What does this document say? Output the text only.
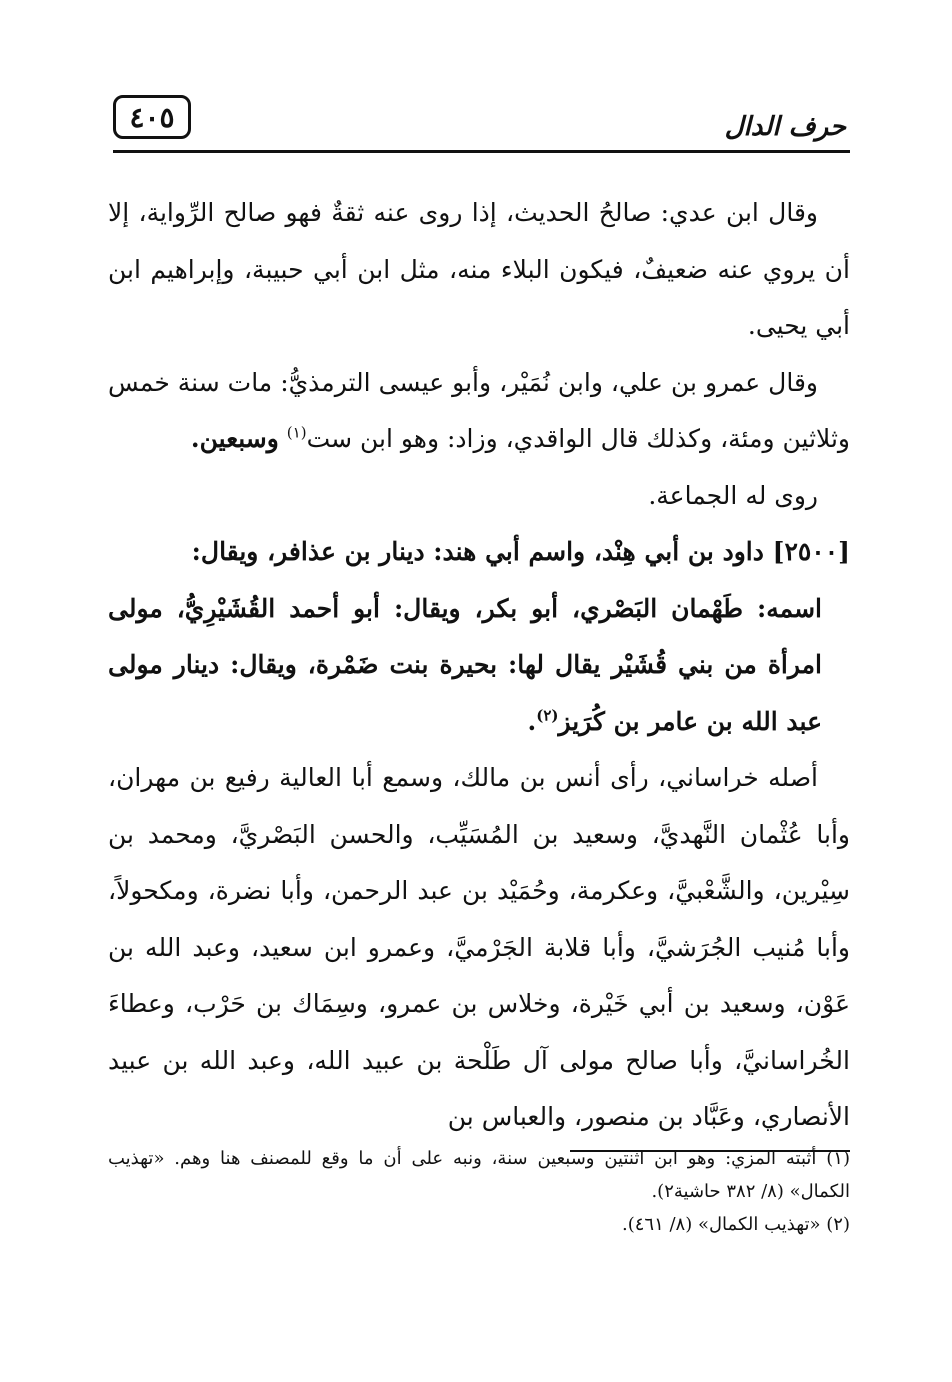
٤٠٥	حرف الدال

وقال ابن عدي: صالحُ الحديث، إذا روى عنه ثقةٌ فهو صالح الرِّواية، إلا أن يروي عنه ضعيفٌ، فيكون البلاء منه، مثل ابن أبي حبيبة، وإبراهيم ابن أبي يحيى.

وقال عمرو بن علي، وابن نُمَيْر، وأبو عيسى الترمذيُّ: مات سنة خمس وثلاثين ومئة، وكذلك قال الواقدي، وزاد: وهو ابن ست$^{(١)}$ وسبعين.

روى له الجماعة.

[٢٥٠٠] داود بن أبي هِنْد، واسم أبي هند: دينار بن عذافر، ويقال:

اسمه: طَهْمان البَصْري، أبو بكر، ويقال: أبو أحمد القُشَيْرِيُّ، مولى امرأة من بني قُشَيْر يقال لها: بحيرة بنت ضَمْرة، ويقال: دينار مولى عبد الله بن عامر بن كُرَيز$^{(٢)}$.

أصله خراساني، رأى أنس بن مالك، وسمع أبا العالية رفيع بن مهران، وأبا عُثْمان النَّهديَّ، وسعيد بن المُسَيِّب، والحسن البَصْريَّ، ومحمد بن سِيْرين، والشَّعْبيَّ، وعكرمة، وحُمَيْد بن عبد الرحمن، وأبا نضرة، ومكحولاً، وأبا مُنيب الجُرَشيَّ، وأبا قلابة الجَرْميَّ، وعمرو ابن سعيد، وعبد الله بن عَوْن، وسعيد بن أبي خَيْرة، وخلاس بن عمرو، وسِمَاك بن حَرْب، وعطاءَ الخُراسانيَّ، وأبا صالح مولى آل طَلْحة بن عبيد الله، وعبد الله بن عبيد الأنصاري، وعَبَّاد بن منصور، والعباس بن

(١) أثبته المزي: وهو ابن اثنتين وسبعين سنة، ونبه على أن ما وقع للمصنف هنا وهم. «تهذيب الكمال» (٨/ ٣٨٢ حاشية٢).

(٢) «تهذيب الكمال» (٨/ ٤٦١).
